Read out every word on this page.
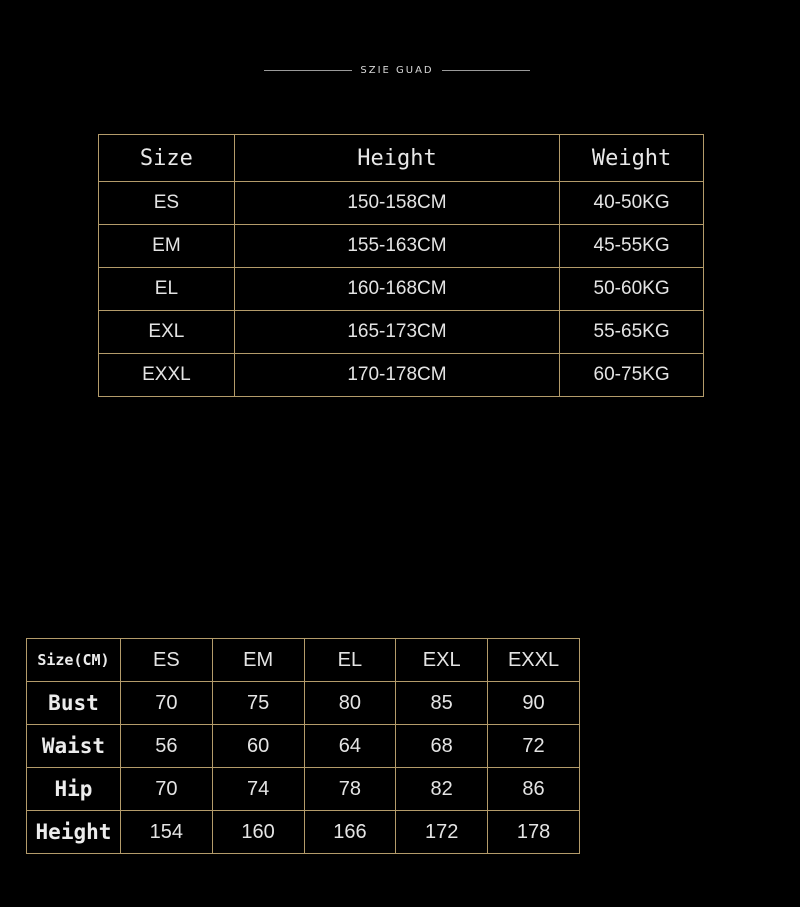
SZIE GUAD
Size	Height	Weight
ES	150-158CM	40-50KG
EM	155-163CM	45-55KG
EL	160-168CM	50-60KG
EXL	165-173CM	55-65KG
EXXL	170-178CM	60-75KG
Size(CM)	ES	EM	EL	EXL	EXXL
Bust	70	75	80	85	90
Waist	56	60	64	68	72
Hip	70	74	78	82	86
Height	154	160	166	172	178
